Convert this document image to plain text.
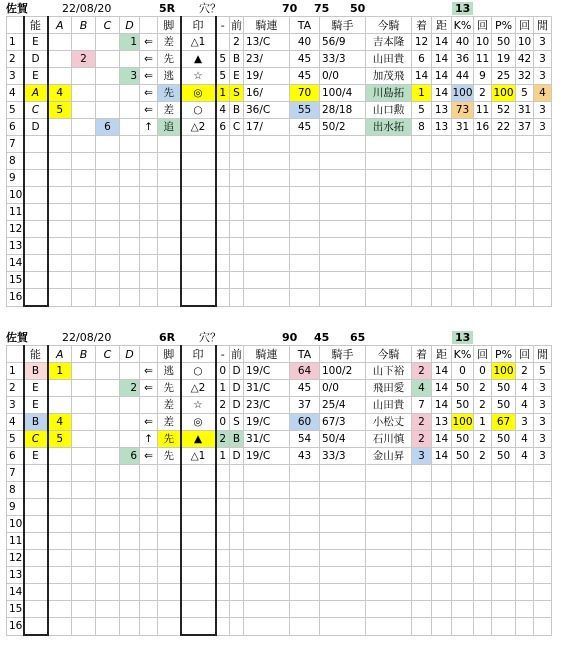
佐賀	22/08/20	5R 穴？	70 75 50	13
	能	A	B	C	D		脚	印	-	前	騎連	TA	騎手	今騎	着	距	K%	回	P%	回	閒
1	E				1	⇐	差	△1		2	13/C	40	56/9	吉本隆	12	14	40	10	50	10	3
2	D		2			⇐	先	▲	5	B	23/	45	33/3	山田貴	6	14	36	11	19	42	3
3	E				3	⇐	逃	☆	5	E	19/	45	0/0	加茂飛	14	14	44	9	25	32	3
4	A	4				⇐	先	◎	1	S	16/	70	100/4	川島拓	1	14	100	2	100	5	4
5	C	5				⇐	差	○	4	B	36/C	55	28/18	山口勲	5	13	73	11	52	31	3
6	D			6		↑	追	△2	6	C	17/	45	50/2	出水拓	8	13	31	16	22	37	3
7																					
8																					
9																					
10																					
11																					
12																					
13																					
14																					
15																					
16																					
佐賀	22/08/20	6R 穴？	90 45 65	13
	能	A	B	C	D		脚	印	-	前	騎連	TA	騎手	今騎	着	距	K%	回	P%	回	閒
1	B	1				⇐	逃	○	0	D	19/C	64	100/2	山下裕	2	14	0	0	100	2	5
2	E				2	⇐	先	△2	1	D	31/C	45	0/0	飛田愛	4	14	50	2	50	4	3
3	E						差	☆	2	D	23/C	37	25/4	山田貴	7	14	50	2	50	4	3
4	B	4				⇐	差	◎	0	S	19/C	60	67/3	小松丈	2	13	100	1	67	3	3
5	C	5				↑	先	▲	2	B	31/C	54	50/4	石川慎	2	14	50	2	50	4	3
6	E				6	⇐	先	△1	1	D	19/C	43	33/3	金山昇	3	14	50	2	50	4	3
7																					
8																					
9																					
10																					
11																					
12																					
13																					
14																					
15																					
16																					
